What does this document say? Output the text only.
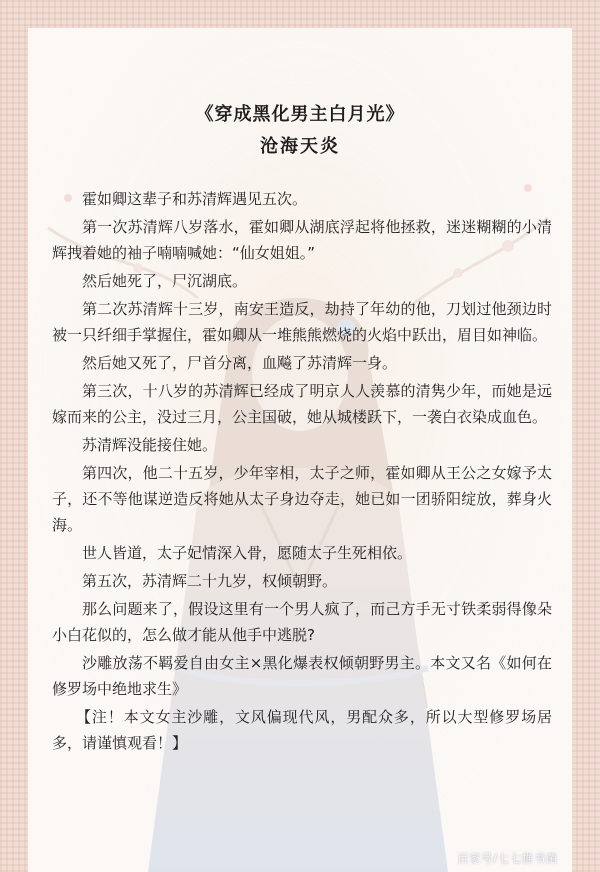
《穿成黑化男主白月光》
沧海天炎

霍如卿这辈子和苏清辉遇见五次。

第一次苏清辉八岁落水，霍如卿从湖底浮起将他拯救，迷迷糊糊的小清辉拽着她的袖子喃喃喊她：“仙女姐姐。”

然后她死了，尸沉湖底。

第二次苏清辉十三岁，南安王造反，劫持了年幼的他，刀划过他颈边时被一只纤细手掌握住，霍如卿从一堆熊熊燃烧的火焰中跃出，眉目如神临。

然后她又死了，尸首分离，血飚了苏清辉一身。

第三次，十八岁的苏清辉已经成了明京人人羡慕的清隽少年，而她是远嫁而来的公主，没过三月，公主国破，她从城楼跃下，一袭白衣染成血色。

苏清辉没能接住她。

第四次，他二十五岁，少年宰相，太子之师，霍如卿从王公之女嫁予太子，还不等他谋逆造反将她从太子身边夺走，她已如一团骄阳绽放，葬身火海。

世人皆道，太子妃情深入骨，愿随太子生死相依。

第五次，苏清辉二十九岁，权倾朝野。

那么问题来了，假设这里有一个男人疯了，而己方手无寸铁柔弱得像朵小白花似的，怎么做才能从他手中逃脱?

沙雕放荡不羁爱自由女主×黑化爆表权倾朝野男主。本文又名《如何在修罗场中绝地求生》

【注！本文女主沙雕，文风偏现代风，男配众多，所以大型修罗场居多，请谨慎观看！】

百家号/七七推书菌
